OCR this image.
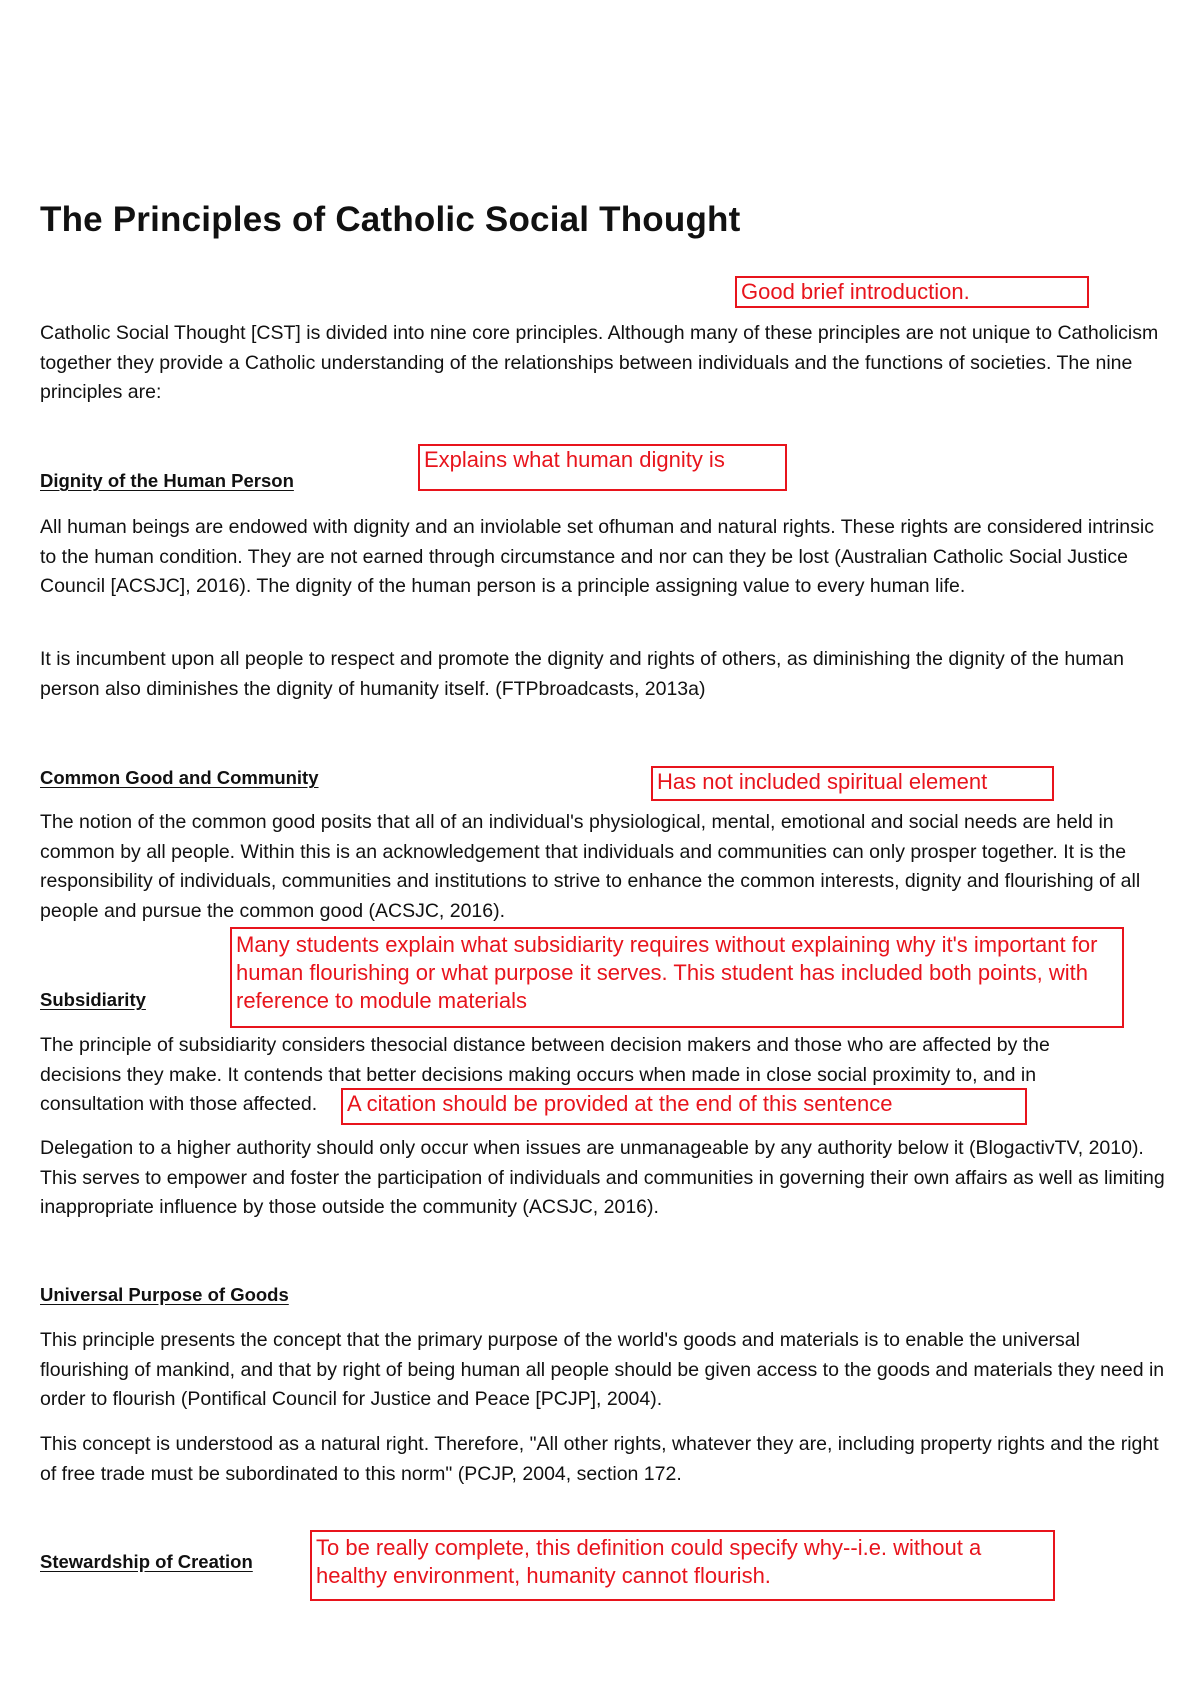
The Principles of Catholic Social Thought
Good brief introduction.
Catholic Social Thought [CST] is divided into nine core principles. Although many of these principles are not unique to Catholicism together they provide a Catholic understanding of the relationships between individuals and the functions of societies. The nine principles are:
Explains what human dignity is
Dignity of the Human Person
All human beings are endowed with dignity and an inviolable set ofhuman and natural rights. These rights are considered intrinsic to the human condition. They are not earned through circumstance and nor can they be lost (Australian Catholic Social Justice Council [ACSJC], 2016). The dignity of the human person is a principle assigning value to every human life.
It is incumbent upon all people to respect and promote the dignity and rights of others, as diminishing the dignity of the human person also diminishes the dignity of humanity itself. (FTPbroadcasts, 2013a)
Has not included spiritual element
Common Good and Community
The notion of the common good posits that all of an individual's physiological, mental, emotional and social needs are held in common by all people. Within this is an acknowledgement that individuals and communities can only prosper together. It is the responsibility of individuals, communities and institutions to strive to enhance the common interests, dignity and flourishing of all people and pursue the common good (ACSJC, 2016).
Many students explain what subsidiarity requires without explaining why it's important for human flourishing or what purpose it serves. This student has included both points, with reference to module materials
Subsidiarity
The principle of subsidiarity considers thesocial distance between decision makers and those who are affected by the decisions they make. It contends that better decisions making occurs when made in close social proximity to, and in consultation with those affected.	A citation should be provided at the end of this sentence
Delegation to a higher authority should only occur when issues are unmanageable by any authority below it (BlogactivTV, 2010). This serves to empower and foster the participation of individuals and communities in governing their own affairs as well as limiting inappropriate influence by those outside the community (ACSJC, 2016).
Universal Purpose of Goods
This principle presents the concept that the primary purpose of the world's goods and materials is to enable the universal flourishing of mankind, and that by right of being human all people should be given access to the goods and materials they need in order to flourish (Pontifical Council for Justice and Peace [PCJP], 2004).
This concept is understood as a natural right. Therefore, "All other rights, whatever they are, including property rights and the right of free trade must be subordinated to this norm" (PCJP, 2004, section 172.
To be really complete, this definition could specify why--i.e. without a healthy environment, humanity cannot flourish.
Stewardship of Creation
